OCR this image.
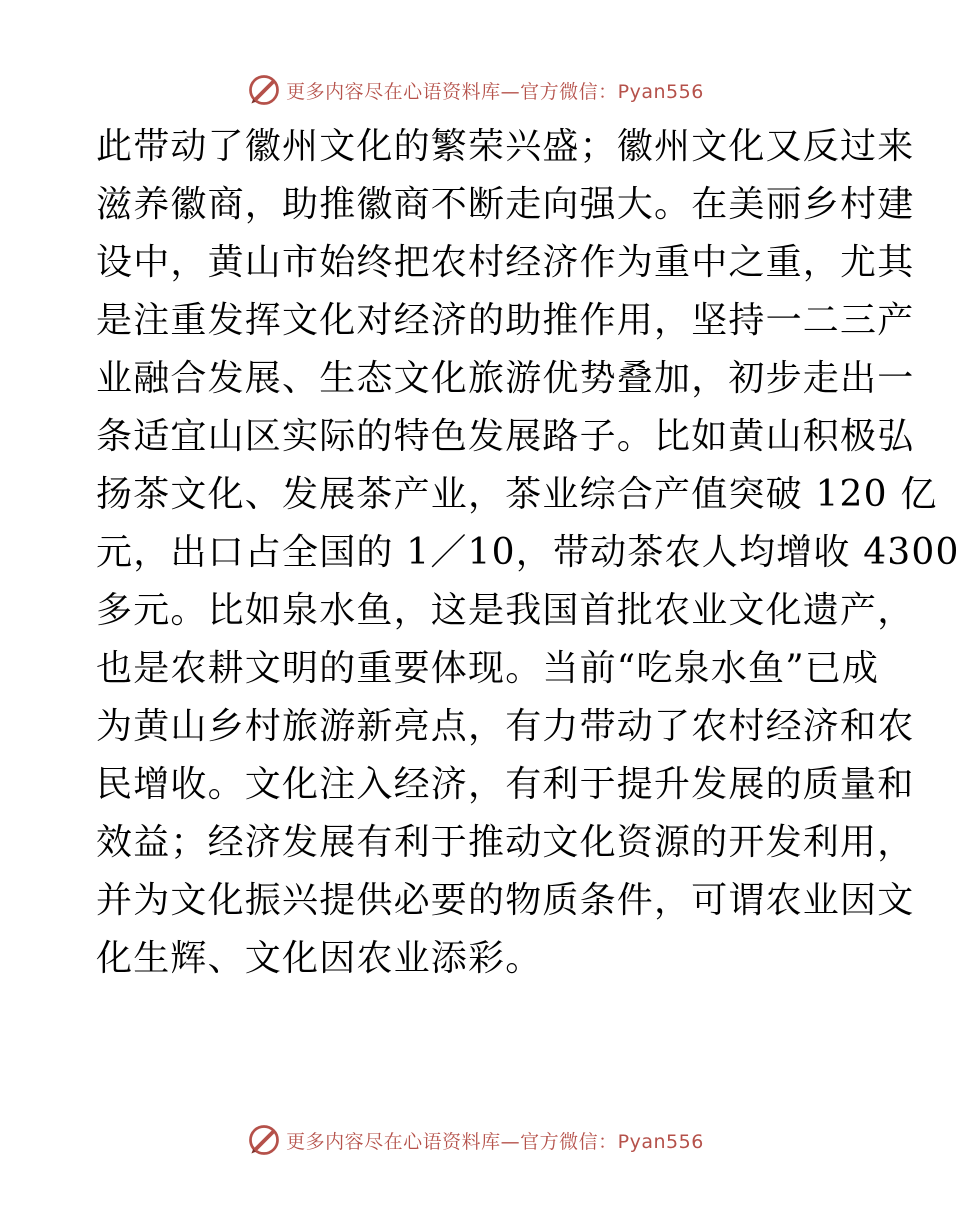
更多内容尽在心语资料库—官方微信：Pyan556
此带动了徽州文化的繁荣兴盛；徽州文化又反过来
滋养徽商，助推徽商不断走向强大。在美丽乡村建
设中，黄山市始终把农村经济作为重中之重，尤其
是注重发挥文化对经济的助推作用，坚持一二三产
业融合发展、生态文化旅游优势叠加，初步走出一
条适宜山区实际的特色发展路子。比如黄山积极弘
扬茶文化、发展茶产业，茶业综合产值突破 120 亿
元，出口占全国的 1／10，带动茶农人均增收 4300
多元。比如泉水鱼，这是我国首批农业文化遗产，
也是农耕文明的重要体现。当前“吃泉水鱼”已成
为黄山乡村旅游新亮点，有力带动了农村经济和农
民增收。文化注入经济，有利于提升发展的质量和
效益；经济发展有利于推动文化资源的开发利用，
并为文化振兴提供必要的物质条件，可谓农业因文
化生辉、文化因农业添彩。
更多内容尽在心语资料库—官方微信：Pyan556
